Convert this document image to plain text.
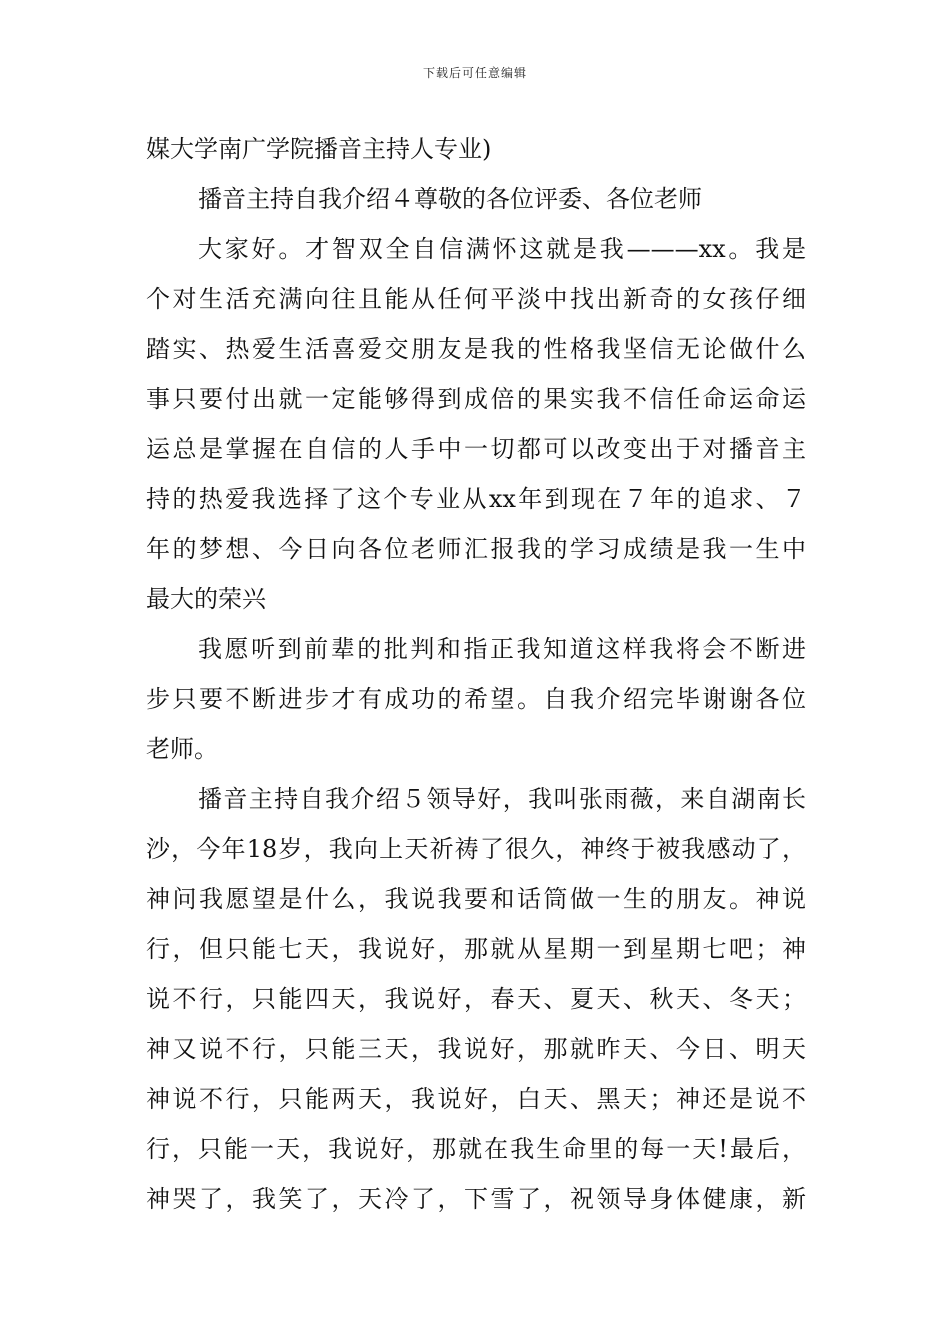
下载后可任意编辑
媒大学南广学院播音主持人专业)
播音主持自我介绍４尊敬的各位评委、各位老师
大家好。才智双全自信满怀这就是我———xx。我是
个对生活充满向往且能从任何平淡中找出新奇的女孩仔细
踏实、热爱生活喜爱交朋友是我的性格我坚信无论做什么
事只要付出就一定能够得到成倍的果实我不信任命运命运
运总是掌握在自信的人手中一切都可以改变出于对播音主
持的热爱我选择了这个专业从xx年到现在７年的追求、７
年的梦想、今日向各位老师汇报我的学习成绩是我一生中
最大的荣兴
我愿听到前辈的批判和指正我知道这样我将会不断进
步只要不断进步才有成功的希望。自我介绍完毕谢谢各位
老师。
播音主持自我介绍５领导好，我叫张雨薇，来自湖南长
沙，今年18岁，我向上天祈祷了很久，神终于被我感动了，
神问我愿望是什么，我说我要和话筒做一生的朋友。神说
行，但只能七天，我说好，那就从星期一到星期七吧；神
说不行，只能四天，我说好，春天、夏天、秋天、冬天；
神又说不行，只能三天，我说好，那就昨天、今日、明天
神说不行，只能两天，我说好，白天、黑天；神还是说不
行，只能一天，我说好，那就在我生命里的每一天!最后，
神哭了，我笑了，天冷了，下雪了，祝领导身体健康，新
